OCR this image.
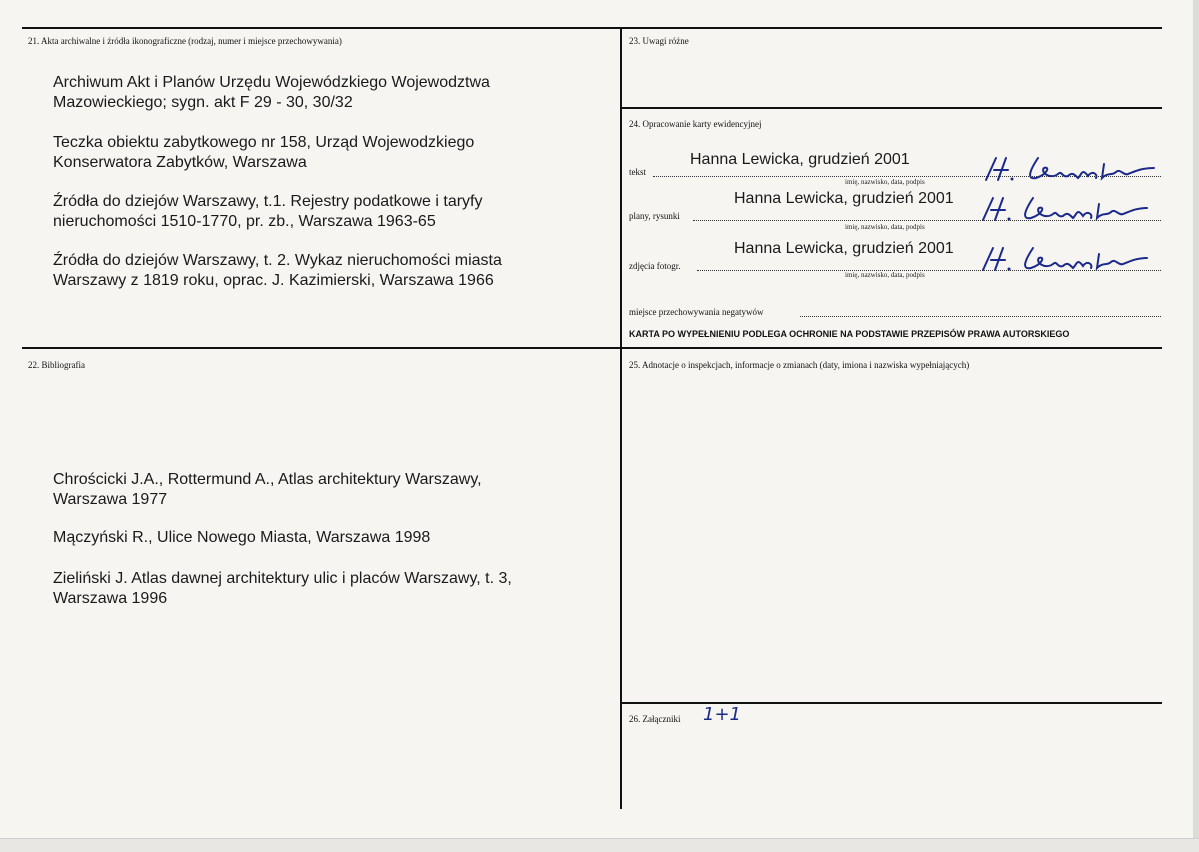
21. Akta archiwalne i źródła ikonograficzne (rodzaj, numer i miejsce przechowywania)
Archiwum Akt i Planów Urzędu Wojewódzkiego Wojewodztwa
Mazowieckiego; sygn. akt F 29 - 30, 30/32
Teczka obiektu zabytkowego nr 158, Urząd Wojewodzkiego
Konserwatora Zabytków, Warszawa
Źródła do dziejów Warszawy, t.1. Rejestry podatkowe i taryfy
nieruchomości 1510-1770, pr. zb., Warszawa 1963-65
Źródła do dziejów Warszawy, t. 2. Wykaz nieruchomości miasta
Warszawy z 1819 roku, oprac. J. Kazimierski, Warszawa 1966
22. Bibliografia
Chrościcki J.A., Rottermund A., Atlas architektury Warszawy,
Warszawa 1977
Mączyński R., Ulice Nowego Miasta, Warszawa 1998
Zieliński J. Atlas dawnej architektury ulic i placów Warszawy, t. 3,
Warszawa 1996
23. Uwagi różne
24. Opracowanie karty ewidencyjnej
tekst
Hanna Lewicka, grudzień 2001
imię, nazwisko, data, podpis
plany, rysunki
Hanna Lewicka, grudzień 2001
imię, nazwisko, data, podpis
zdjęcia fotogr.
Hanna Lewicka, grudzień 2001
imię, nazwisko, data, podpis
miejsce przechowywania negatywów
KARTA PO WYPEŁNIENIU PODLEGA OCHRONIE NA PODSTAWIE PRZEPISÓW PRAWA AUTORSKIEGO
25. Adnotacje o inspekcjach, informacje o zmianach (daty, imiona i nazwiska wypełniających)
26. Załączniki 1+1
